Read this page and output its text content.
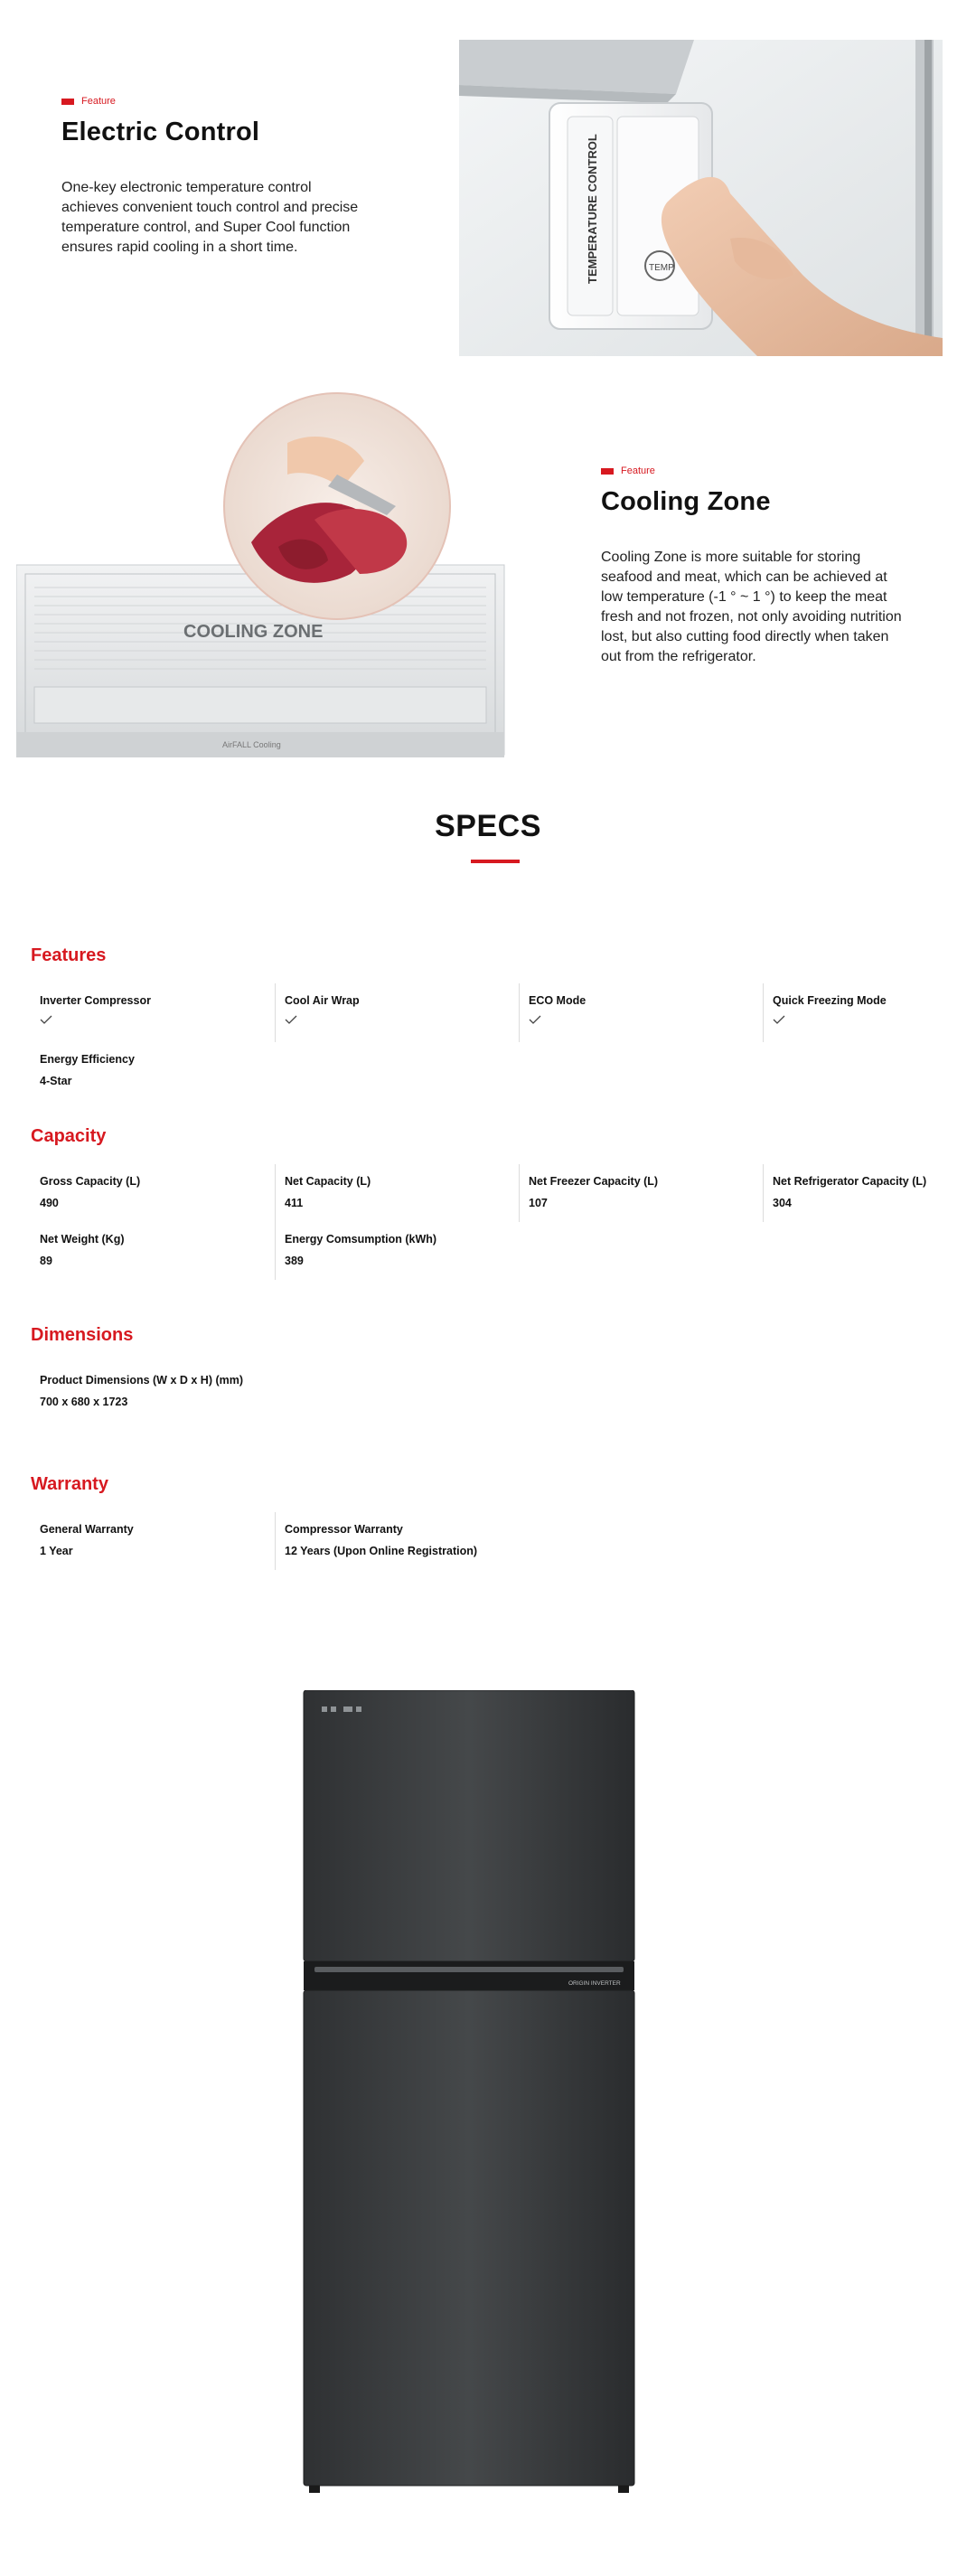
Feature
Electric Control

One-key electronic temperature control achieves convenient touch control and precise temperature control, and Super Cool function ensures rapid cooling in a short time.	TEMPERATURE CONTROL	TEMP
COOLING ZONE
AirFALL Cooling
Feature
Cooling Zone

Cooling Zone is more suitable for storing seafood and meat, which can be achieved at low temperature (-1 ° ~ 1 °) to keep the meat fresh and not frozen, not only avoiding nutrition lost, but also cutting food directly when taken out from the refrigerator.

SPECS
Features
Inverter Compressor	Cool Air Wrap	ECO Mode	Quick Freezing Mode
Energy Efficiency
4-Star
Capacity
Gross Capacity (L)
490
Net Capacity (L)
411
Net Freezer Capacity (L)
107
Net Refrigerator Capacity (L)
304
Net Weight (Kg)
89
Energy Comsumption (kWh)
389
Dimensions
Product Dimensions (W x D x H) (mm)
700 x 680 x 1723
Warranty
General Warranty
1 Year
Compressor Warranty
12 Years (Upon Online Registration)
ORIGIN INVERTER
